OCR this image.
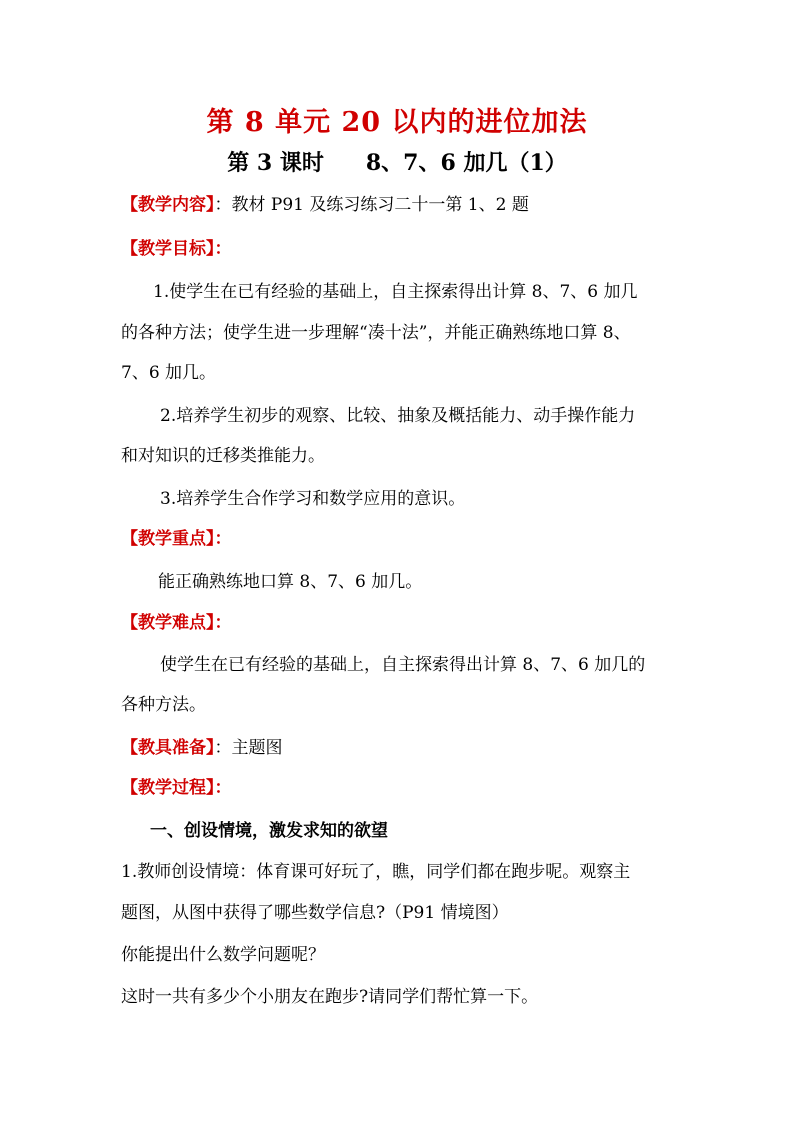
第 8 单元 20 以内的进位加法
第 3 课时 8、7、6 加几（1）
【教学内容】：教材 P91 及练习练习二十一第 1、2 题
【教学目标】：
1.使学生在已有经验的基础上，自主探索得出计算 8、7、6 加几
的各种方法；使学生进一步理解“凑十法”，并能正确熟练地口算 8、
7、6 加几。
2.培养学生初步的观察、比较、抽象及概括能力、动手操作能力
和对知识的迁移类推能力。
3.培养学生合作学习和数学应用的意识。
【教学重点】：
能正确熟练地口算 8、7、6 加几。
【教学难点】：
使学生在已有经验的基础上，自主探索得出计算 8、7、6 加几的
各种方法。
【教具准备】：主题图
【教学过程】：
一、创设情境，激发求知的欲望
1.教师创设情境：体育课可好玩了，瞧，同学们都在跑步呢。观察主
题图，从图中获得了哪些数学信息?（P91 情境图）
你能提出什么数学问题呢？
这时一共有多少个小朋友在跑步?请同学们帮忙算一下。
